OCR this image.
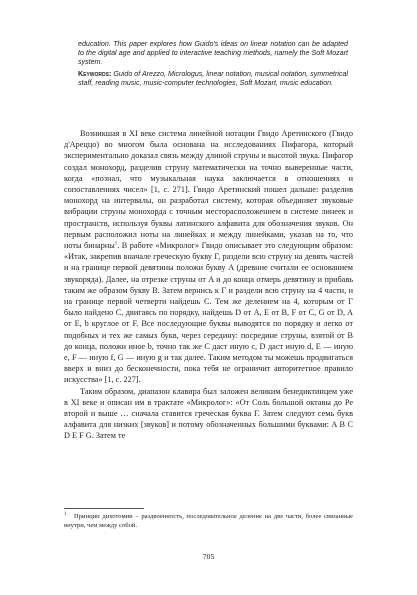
education. This paper explores how Guido's ideas on linear notation can be adapted to the digital age and applied to interactive teaching methods, namely the Soft Mozart system.

Keywords: Guido of Arezzo, Micrologus, linear notation, musical notation, symmetrical staff, reading music, music-computer technologies, Soft Mozart, music education.

Возникшая в XI веке система линейной нотации Гвидо Аретинского (Гвидо д'Ареццо) во многом была основана на исследованиях Пифагора, который экспериментально доказал связь между длиной струны и высотой звука. Пифагор создал монохорд, разделив струну математически на точно выверенные части, когда «познал, что музыкальная наука заключается в отношениях и сопоставлениях чисел» [1, с. 271]. Гвидо Аретинский пошел дальше: разделив монохорд на интервалы, он разработал систему, которая объединяет звуковые вибрации струны монохорда с точным месторасположением в системе линеек и пространств, используя буквы латинского алфавита для обозначения звуков. Он первым расположил ноты на линейках и между линейками, указав на то, что ноты бинарны$^1$. В работе «Микролог» Гвидо описывает это следующим образом: «Итак, закрепив вначале греческую букву Γ, раздели всю струну на девять частей и на границе первой девятины положи букву A (древние считали ее основанием звукоряда). Далее, на отрезке струны от A и до конца отмерь девятину и прибавь таким же образом букву B. Затем вернись к Γ и раздели всю струну на 4 части, и на границе первой четверти найдешь C. Тем же делением на 4, которым от Γ было найдено C, двигаясь по порядку, найдешь D от A, E от B, F от C, G от D, A от E, b круглое от F. Все последующие буквы выводятся по порядку и легко от подобных и тех же самых букв, через середину: посредине струны, взятой от B до конца, положи иное b, точно так же C даст иную c, D даст иную d, E — иную e, F — иную f, G — иную g и так далее. Таким методом ты можешь продвигаться вверх и вниз до бесконечности, пока тебя не ограничит авторитетное правило искусства» [1, с. 227].

Таким образом, диапазон клавира был заложен великим бенедиктинцем уже в XI веке и описан им в трактате «Микролог»: «От Соль большой октавы до Ре второй и выше … сначала ставится греческая буква Γ. Затем следуют семь букв алфавита для низких [звуков] и потому обозначенных большими буквами: A B C D E F G. Затем те

1 Принцип дихотомии – раздвоенность, последовательное деление на две части, более связанные внутри, чем между собой.
705
